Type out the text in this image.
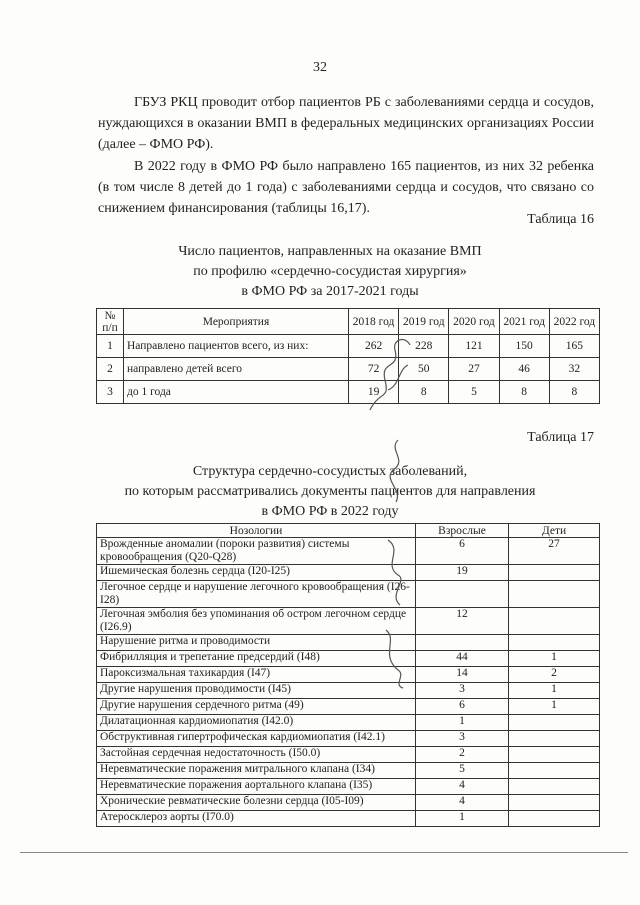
32

ГБУЗ РКЦ проводит отбор пациентов РБ с заболеваниями сердца и сосудов, нуждающихся в оказании ВМП в федеральных медицинских организациях России (далее – ФМО РФ).

В 2022 году в ФМО РФ было направлено 165 пациентов, из них 32 ребенка (в том числе 8 детей до 1 года) с заболеваниями сердца и сосудов, что связано со снижением финансирования (таблицы 16,17).

Таблица 16
Число пациентов, направленных на оказание ВМП
по профилю «сердечно-сосудистая хирургия»
в ФМО РФ за 2017-2021 годы
№ п/п	Мероприятия	2018 год	2019 год	2020 год	2021 год	2022 год
1	Направлено пациентов всего, из них:	262	228	121	150	165
2	направлено детей всего	72	50	27	46	32
3	до 1 года	19	8	5	8	8
Таблица 17
Структура сердечно-сосудистых заболеваний,
по которым рассматривались документы пациентов для направления
в ФМО РФ в 2022 году
Нозологии	Взрослые	Дети
Врожденные аномалии (пороки развития) системы кровообращения (Q20-Q28)	6	27
Ишемическая болезнь сердца (I20-I25)	19	
Легочное сердце и нарушение легочного кровообращения (I26-I28)		
Легочная эмболия без упоминания об остром легочном сердце (I26.9)	12	
Нарушение ритма и проводимости		
Фибрилляция и трепетание предсердий (I48)	44	1
Пароксизмальная тахикардия (I47)	14	2
Другие нарушения проводимости (I45)	3	1
Другие нарушения сердечного ритма (49)	6	1
Дилатационная кардиомиопатия (I42.0)	1	
Обструктивная гипертрофическая кардиомиопатия (I42.1)	3	
Застойная сердечная недостаточность (I50.0)	2	
Неревматические поражения митрального клапана (I34)	5	
Неревматические поражения аортального клапана (I35)	4	
Хронические ревматические болезни сердца (I05-I09)	4	
Атеросклероз аорты (I70.0)	1	
